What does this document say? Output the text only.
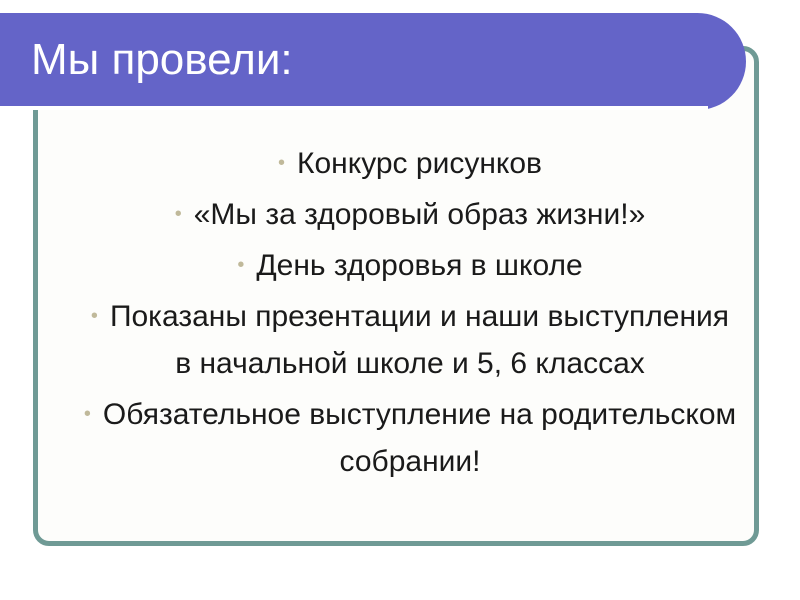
Мы провели:
• Конкурс рисунков
• «Мы за здоровый образ жизни!»
• День здоровья в школе
• Показаны презентации и наши выступления в начальной школе и 5, 6 классах
• Обязательное выступление на родительском собрании!
